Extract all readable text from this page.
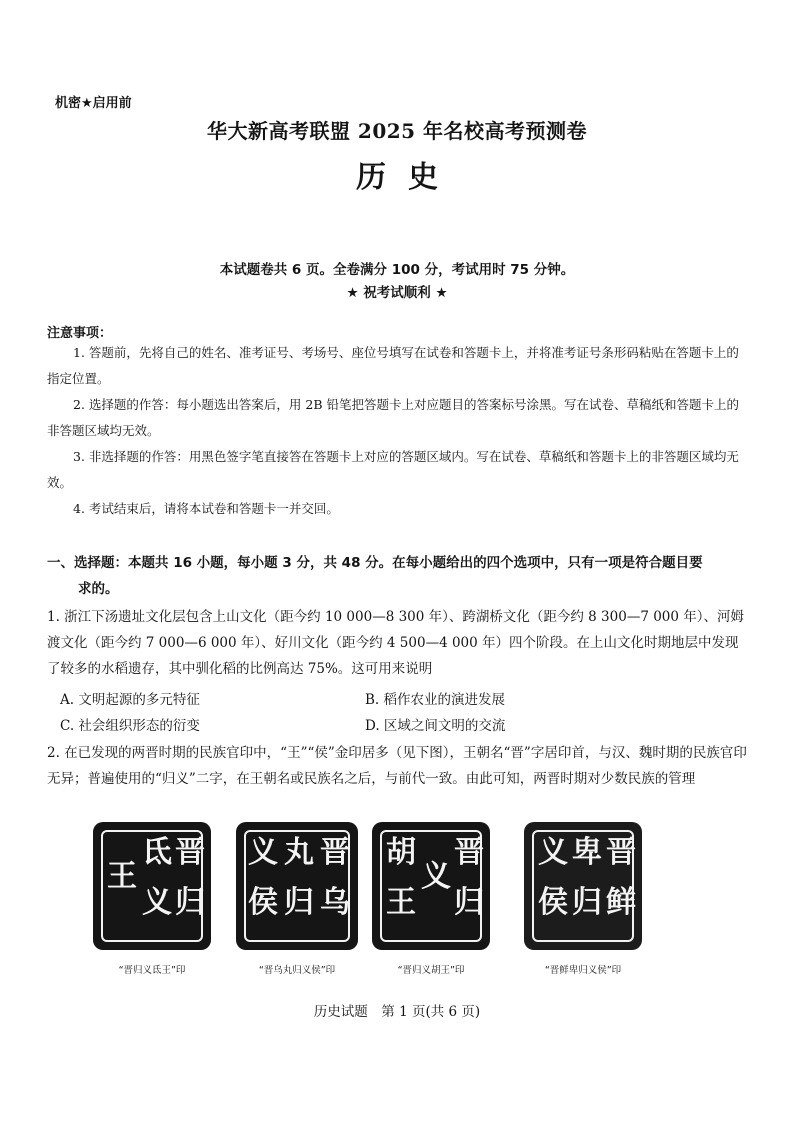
机密★启用前
华大新高考联盟 2025 年名校高考预测卷
历史
本试题卷共 6 页。全卷满分 100 分，考试用时 75 分钟。
★ 祝考试顺利 ★
注意事项：
1. 答题前，先将自己的姓名、准考证号、考场号、座位号填写在试卷和答题卡上，并将准考证号条形码粘贴在答题卡上的指定位置。
2. 选择题的作答：每小题选出答案后，用 2B 铅笔把答题卡上对应题目的答案标号涂黑。写在试卷、草稿纸和答题卡上的非答题区域均无效。
3. 非选择题的作答：用黑色签字笔直接答在答题卡上对应的答题区域内。写在试卷、草稿纸和答题卡上的非答题区域均无效。
4. 考试结束后，请将本试卷和答题卡一并交回。
一、选择题：本题共 16 小题，每小题 3 分，共 48 分。在每小题给出的四个选项中，只有一项是符合题目要
求的。
1. 浙江下汤遗址文化层包含上山文化（距今约 10 000—8 300 年）、跨湖桥文化（距今约 8 300—7 000 年）、河姆渡文化（距今约 7 000—6 000 年）、好川文化（距今约 4 500—4 000 年）四个阶段。在上山文化时期地层中发现了较多的水稻遗存，其中驯化稻的比例高达 75%。这可用来说明
A. 文明起源的多元特征	B. 稻作农业的演进发展
C. 社会组织形态的衍变	D. 区域之间文明的交流
2. 在已发现的两晋时期的民族官印中，“王”“侯”金印居多（见下图），王朝名“晋”字居印首，与汉、魏时期的民族官印无异；普遍使用的“归义”二字，在王朝名或民族名之后，与前代一致。由此可知，两晋时期对少数民族的管理
晋
归
氐
义
王
晋
乌
丸
归
义
侯
晋
归
胡
义
王
晋
鲜
卑
归
义
侯
“晋归义氐王”印	“晋乌丸归义侯”印	“晋归义胡王”印	“晋鲜卑归义侯”印
历史试题　第 1 页(共 6 页)
